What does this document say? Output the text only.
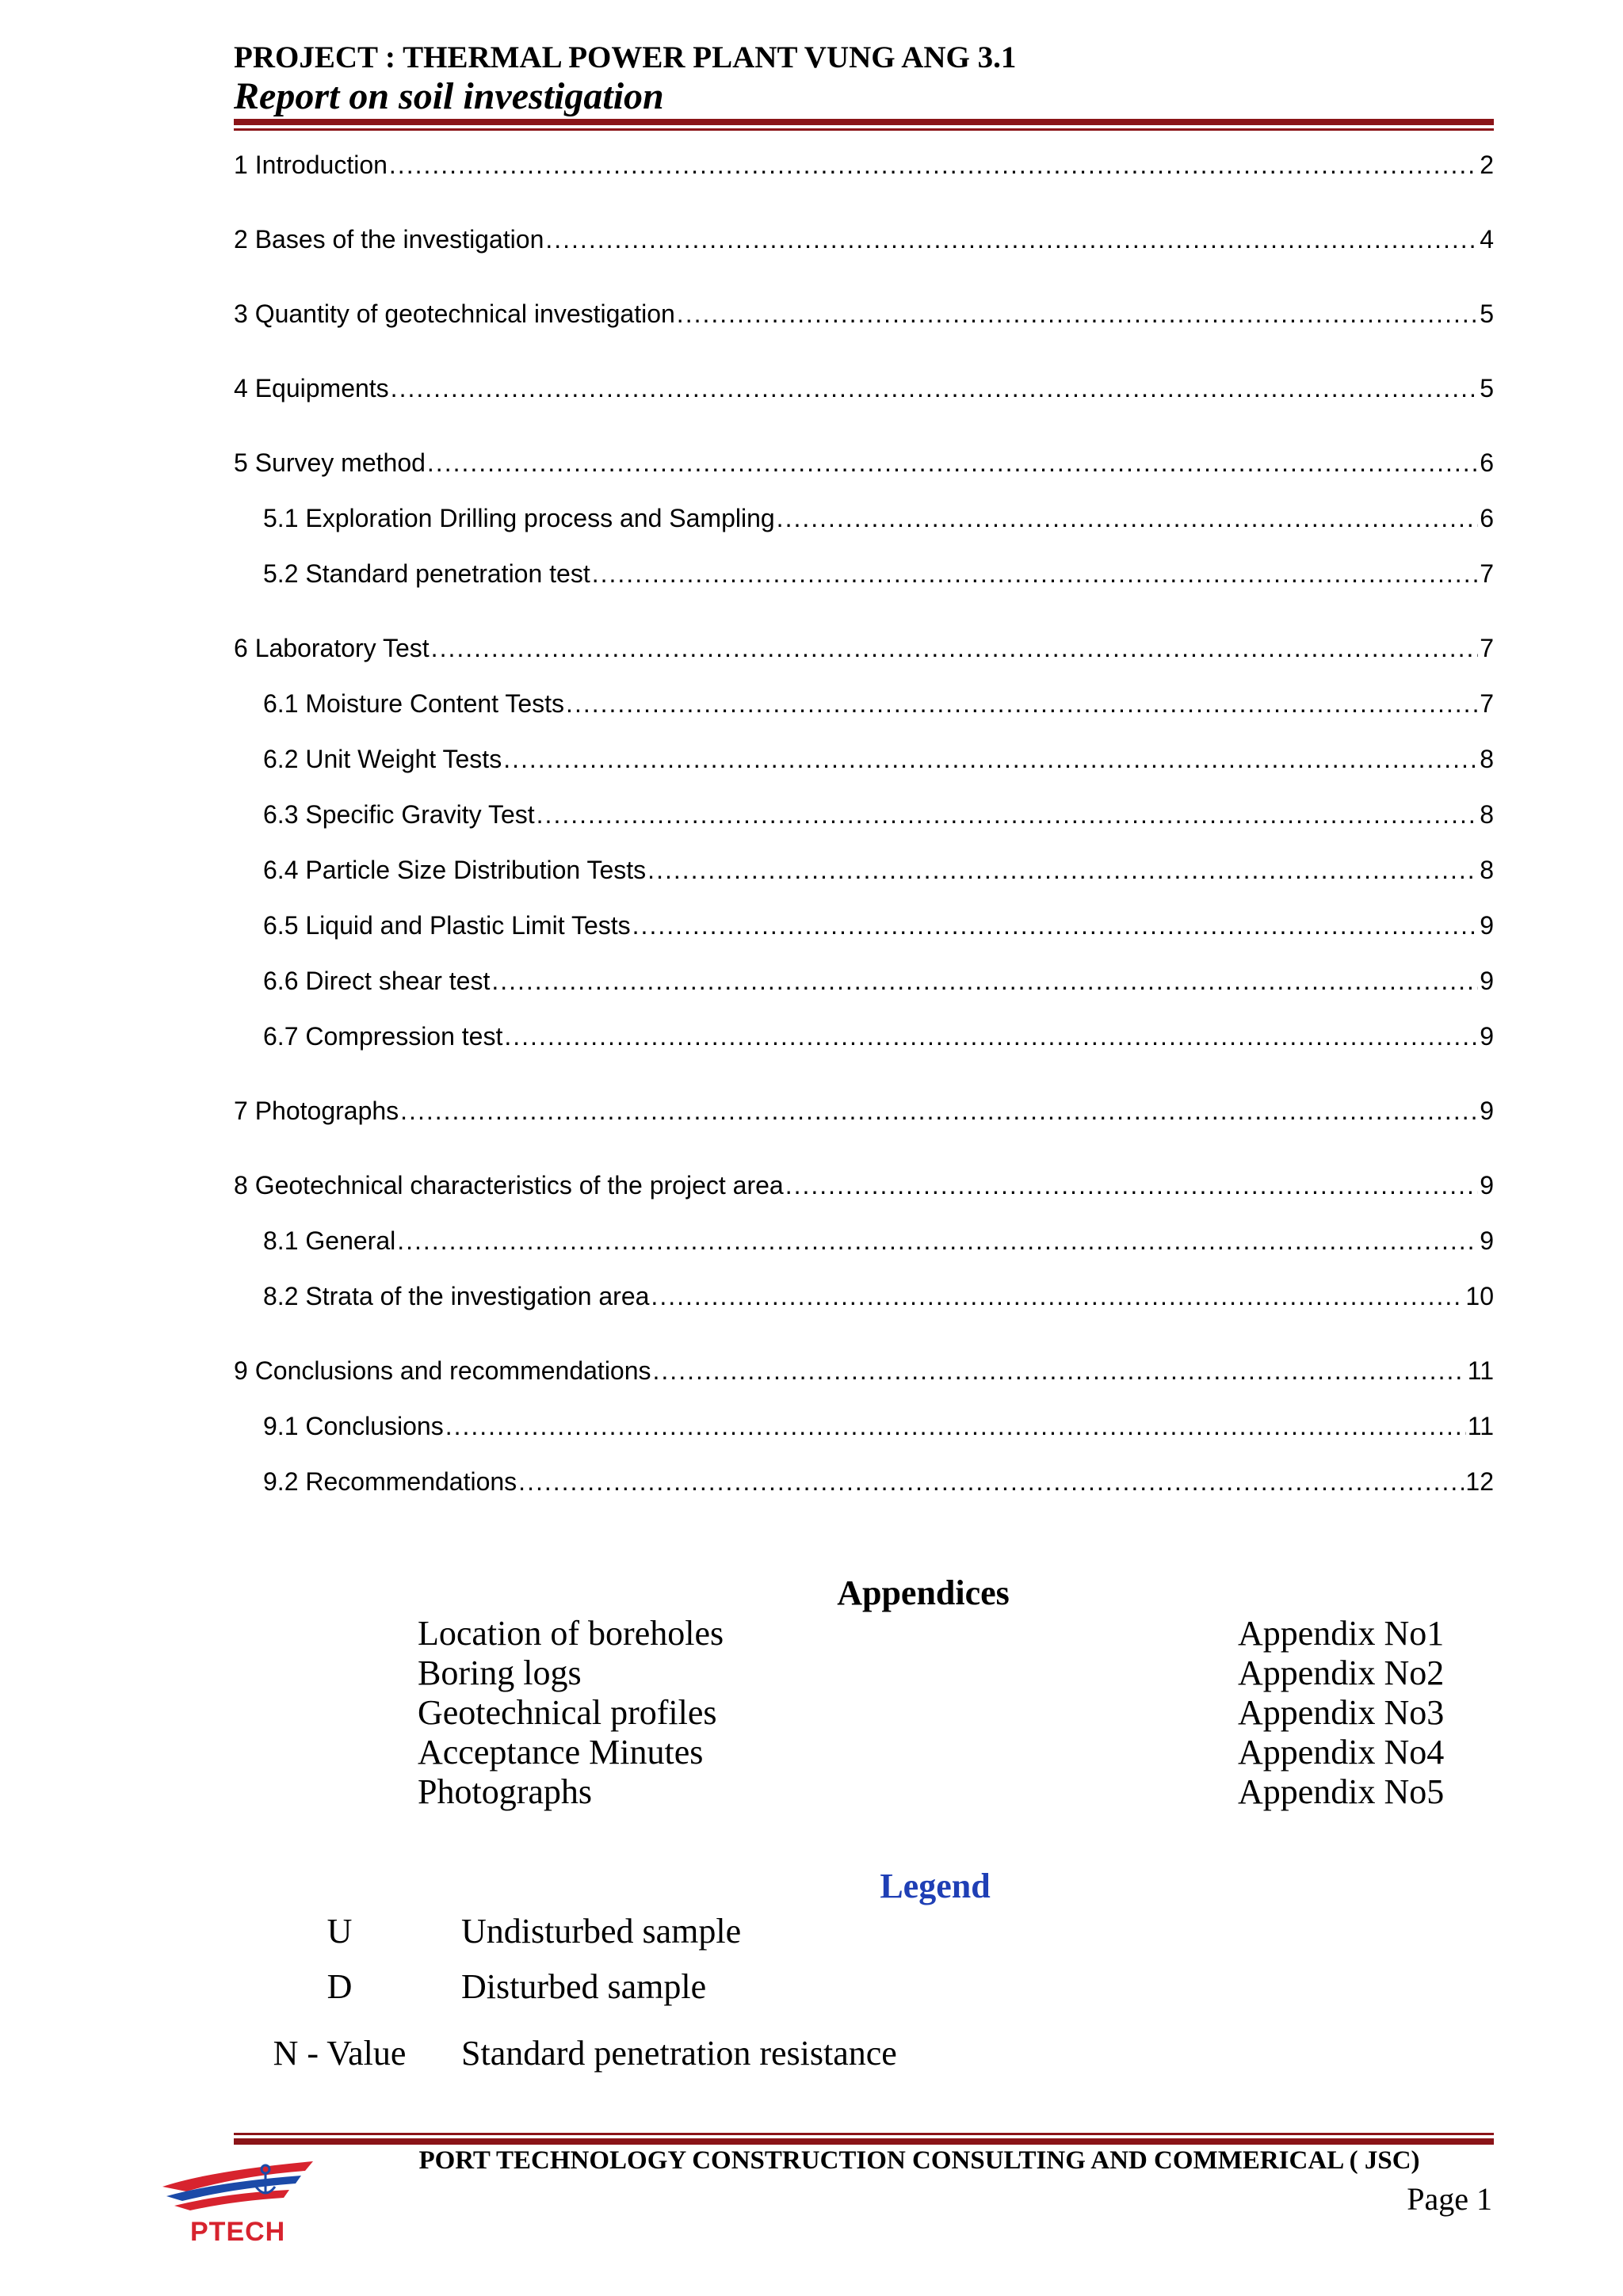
PROJECT : THERMAL POWER PLANT VUNG ANG 3.1
Report on soil investigation
1 Introduction .....	2
2 Bases of the investigation .....	4
3 Quantity of geotechnical investigation .....	5
4 Equipments .....	5
5 Survey method .....	6
5.1 Exploration Drilling process and Sampling .....	6
5.2 Standard penetration test .....	7
6 Laboratory Test .....	7
6.1 Moisture Content Tests .....	7
6.2 Unit Weight Tests .....	8
6.3 Specific Gravity Test .....	8
6.4 Particle Size Distribution Tests .....	8
6.5 Liquid and Plastic Limit Tests .....	9
6.6 Direct shear test .....	9
6.7 Compression test .....	9
7 Photographs .....	9
8 Geotechnical characteristics of the project area .....	9
8.1 General .....	9
8.2 Strata of the investigation area .....	10
9 Conclusions and recommendations .....	11
9.1 Conclusions .....	11
9.2 Recommendations .....	12
Appendices
Location of boreholes	Appendix No1
Boring logs	Appendix No2
Geotechnical profiles	Appendix No3
Acceptance Minutes	Appendix No4
Photographs	Appendix No5
Legend
U	Undisturbed sample
D	Disturbed sample
N - Value	Standard penetration resistance
PTECH
PORT TECHNOLOGY CONSTRUCTION CONSULTING AND COMMERICAL ( JSC)
Page 1
